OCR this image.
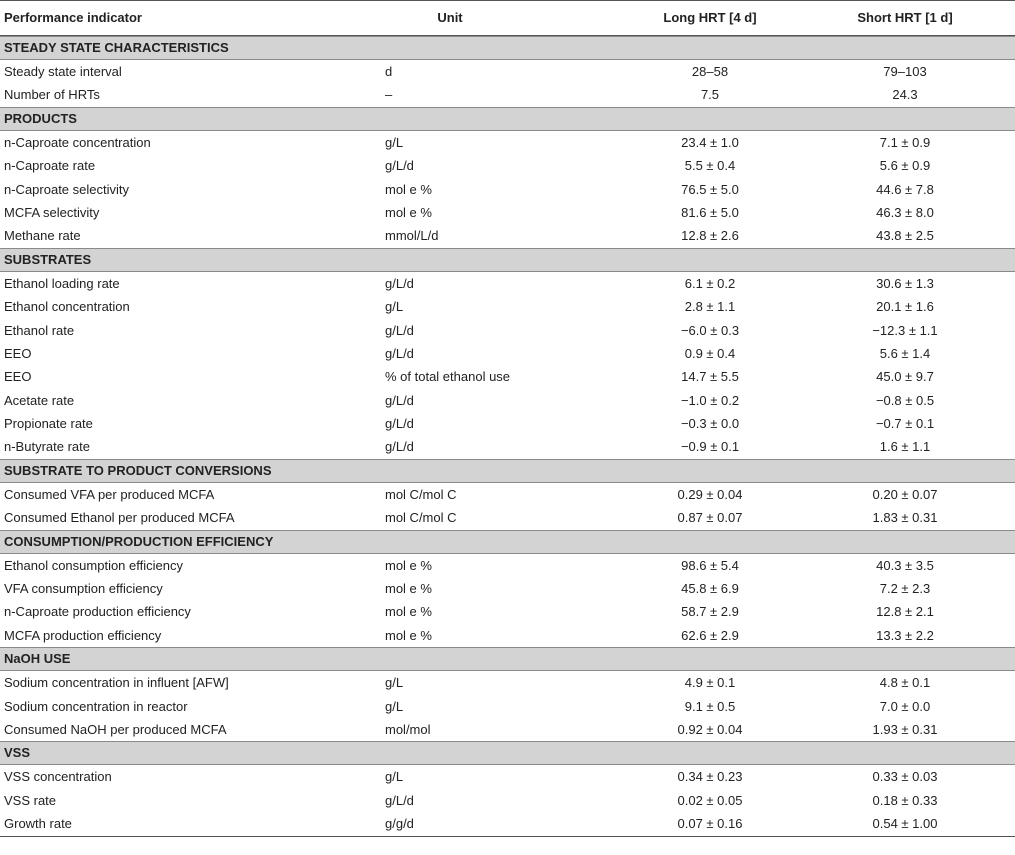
Performance indicator	Unit	Long HRT [4 d]	Short HRT [1 d]
STEADY STATE CHARACTERISTICS
Steady state interval	d	28–58	79–103
Number of HRTs	–	7.5	24.3
PRODUCTS
n-Caproate concentration	g/L	23.4 ± 1.0	7.1 ± 0.9
n-Caproate rate	g/L/d	5.5 ± 0.4	5.6 ± 0.9
n-Caproate selectivity	mol e %	76.5 ± 5.0	44.6 ± 7.8
MCFA selectivity	mol e %	81.6 ± 5.0	46.3 ± 8.0
Methane rate	mmol/L/d	12.8 ± 2.6	43.8 ± 2.5
SUBSTRATES
Ethanol loading rate	g/L/d	6.1 ± 0.2	30.6 ± 1.3
Ethanol concentration	g/L	2.8 ± 1.1	20.1 ± 1.6
Ethanol rate	g/L/d	−6.0 ± 0.3	−12.3 ± 1.1
EEO	g/L/d	0.9 ± 0.4	5.6 ± 1.4
EEO	% of total ethanol use	14.7 ± 5.5	45.0 ± 9.7
Acetate rate	g/L/d	−1.0 ± 0.2	−0.8 ± 0.5
Propionate rate	g/L/d	−0.3 ± 0.0	−0.7 ± 0.1
n-Butyrate rate	g/L/d	−0.9 ± 0.1	1.6 ± 1.1
SUBSTRATE TO PRODUCT CONVERSIONS
Consumed VFA per produced MCFA	mol C/mol C	0.29 ± 0.04	0.20 ± 0.07
Consumed Ethanol per produced MCFA	mol C/mol C	0.87 ± 0.07	1.83 ± 0.31
CONSUMPTION/PRODUCTION EFFICIENCY
Ethanol consumption efficiency	mol e %	98.6 ± 5.4	40.3 ± 3.5
VFA consumption efficiency	mol e %	45.8 ± 6.9	7.2 ± 2.3
n-Caproate production efficiency	mol e %	58.7 ± 2.9	12.8 ± 2.1
MCFA production efficiency	mol e %	62.6 ± 2.9	13.3 ± 2.2
NaOH USE
Sodium concentration in influent [AFW]	g/L	4.9 ± 0.1	4.8 ± 0.1
Sodium concentration in reactor	g/L	9.1 ± 0.5	7.0 ± 0.0
Consumed NaOH per produced MCFA	mol/mol	0.92 ± 0.04	1.93 ± 0.31
VSS
VSS concentration	g/L	0.34 ± 0.23	0.33 ± 0.03
VSS rate	g/L/d	0.02 ± 0.05	0.18 ± 0.33
Growth rate	g/g/d	0.07 ± 0.16	0.54 ± 1.00
